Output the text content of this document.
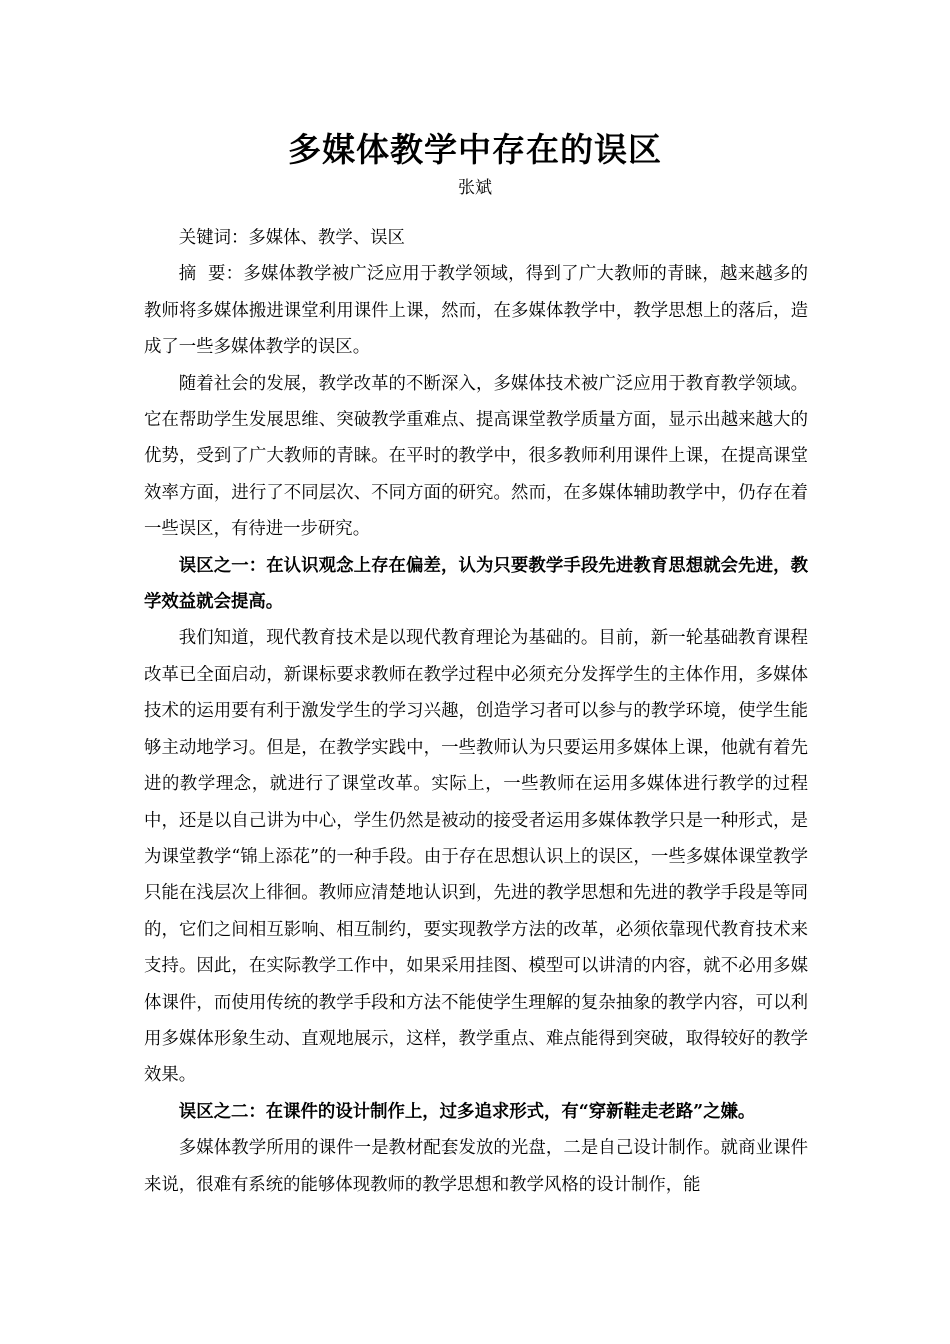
多媒体教学中存在的误区
张斌

关键词：多媒体、教学、误区

摘  要：多媒体教学被广泛应用于教学领域，得到了广大教师的青睐，越来越多的教师将多媒体搬进课堂利用课件上课，然而，在多媒体教学中，教学思想上的落后，造成了一些多媒体教学的误区。

随着社会的发展，教学改革的不断深入，多媒体技术被广泛应用于教育教学领域。它在帮助学生发展思维、突破教学重难点、提高课堂教学质量方面，显示出越来越大的优势，受到了广大教师的青睐。在平时的教学中，很多教师利用课件上课，在提高课堂效率方面，进行了不同层次、不同方面的研究。然而，在多媒体辅助教学中，仍存在着一些误区，有待进一步研究。

误区之一：在认识观念上存在偏差，认为只要教学手段先进教育思想就会先进，教学效益就会提高。

我们知道，现代教育技术是以现代教育理论为基础的。目前，新一轮基础教育课程改革已全面启动，新课标要求教师在教学过程中必须充分发挥学生的主体作用，多媒体技术的运用要有利于激发学生的学习兴趣，创造学习者可以参与的教学环境，使学生能够主动地学习。但是，在教学实践中，一些教师认为只要运用多媒体上课，他就有着先进的教学理念，就进行了课堂改革。实际上，一些教师在运用多媒体进行教学的过程中，还是以自己讲为中心，学生仍然是被动的接受者运用多媒体教学只是一种形式，是为课堂教学“锦上添花”的一种手段。由于存在思想认识上的误区，一些多媒体课堂教学只能在浅层次上徘徊。教师应清楚地认识到，先进的教学思想和先进的教学手段是等同的，它们之间相互影响、相互制约，要实现教学方法的改革，必须依靠现代教育技术来支持。因此，在实际教学工作中，如果采用挂图、模型可以讲清的内容，就不必用多媒体课件，而使用传统的教学手段和方法不能使学生理解的复杂抽象的教学内容，可以利用多媒体形象生动、直观地展示，这样，教学重点、难点能得到突破，取得较好的教学效果。

误区之二：在课件的设计制作上，过多追求形式，有“穿新鞋走老路”之嫌。

多媒体教学所用的课件一是教材配套发放的光盘，二是自己设计制作。就商业课件来说，很难有系统的能够体现教师的教学思想和教学风格的设计制作，能
